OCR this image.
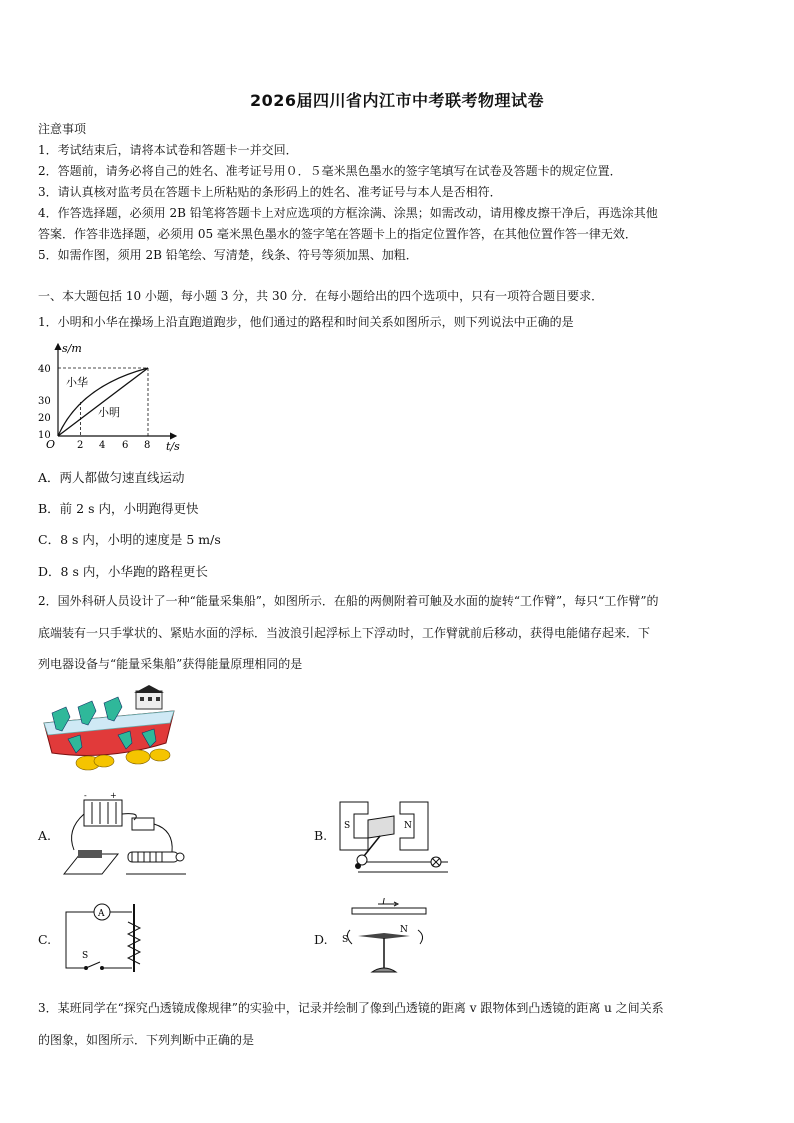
2026届四川省内江市中考联考物理试卷
注意事项
1．考试结束后，请将本试卷和答题卡一并交回．
2．答题前，请务必将自己的姓名、准考证号用０．５毫米黑色墨水的签字笔填写在试卷及答题卡的规定位置．
3．请认真核对监考员在答题卡上所粘贴的条形码上的姓名、准考证号与本人是否相符．
4．作答选择题，必须用 2B 铅笔将答题卡上对应选项的方框涂满、涂黑；如需改动，请用橡皮擦干净后，再选涂其他
答案．作答非选择题，必须用 05 毫米黑色墨水的签字笔在答题卡上的指定位置作答，在其他位置作答一律无效．
5．如需作图，须用 2B 铅笔绘、写清楚，线条、符号等须加黑、加粗．
一、本大题包括 10 小题，每小题 3 分，共 30 分．在每小题给出的四个选项中，只有一项符合题目要求．
1．小明和小华在操场上沿直跑道跑步，他们通过的路程和时间关系如图所示，则下列说法中正确的是
s/m
t/s
O
10
20
30
40
2 4 6 8
小华
小明
A．两人都做匀速直线运动
B．前 2 s 内，小明跑得更快
C．8 s 内，小明的速度是 5 m/s
D．8 s 内，小华跑的路程更长
2．国外科研人员设计了一种“能量采集船”，如图所示．在船的两侧附着可触及水面的旋转“工作臂”，每只“工作臂”的
底端装有一只手掌状的、紧贴水面的浮标．当波浪引起浮标上下浮动时，工作臂就前后移动，获得电能储存起来．下
列电器设备与“能量采集船”获得能量原理相同的是
A.
+
-
B.
S	N
C.
A
S
D.
I
S
N
3．某班同学在“探究凸透镜成像规律”的实验中，记录并绘制了像到凸透镜的距离 v 跟物体到凸透镜的距离 u 之间关系
的图象，如图所示．下列判断中正确的是
